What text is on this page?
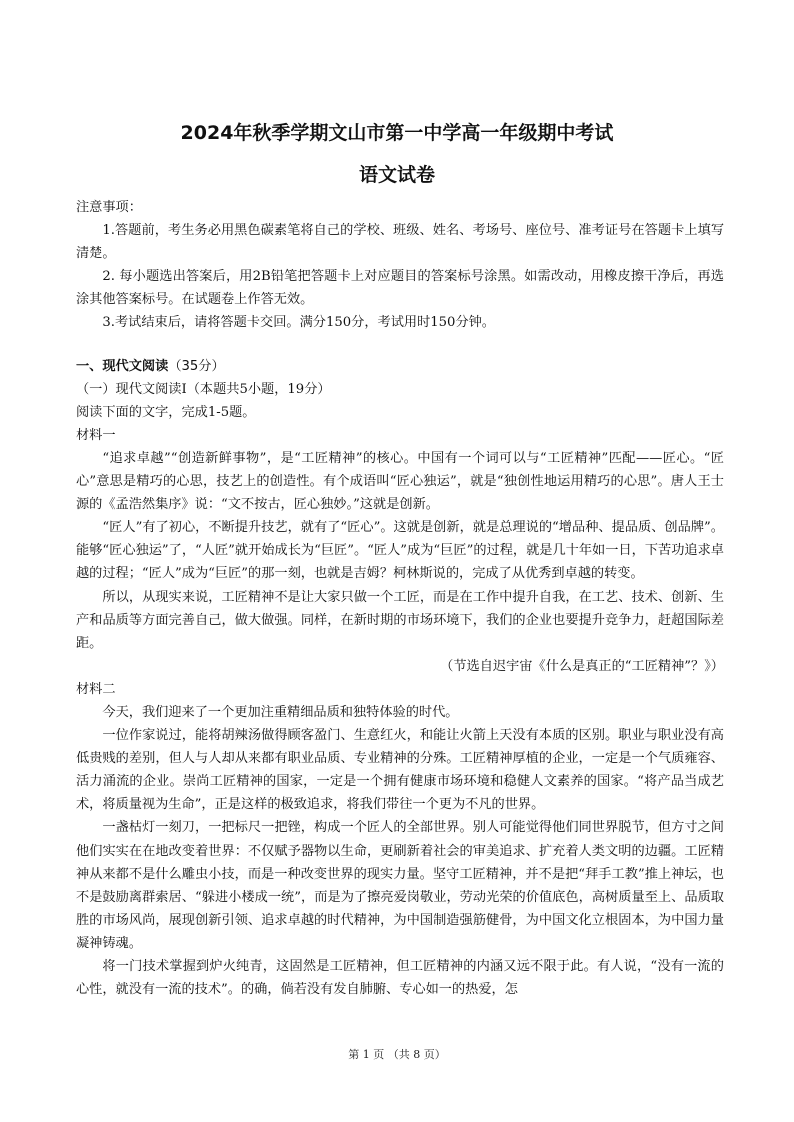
2024年秋季学期文山市第一中学高一年级期中考试
语文试卷

注意事项：

1.答题前，考生务必用黑色碳素笔将自己的学校、班级、姓名、考场号、座位号、准考证号在答题卡上填写清楚。

2. 每小题选出答案后，用2B铅笔把答题卡上对应题目的答案标号涂黑。如需改动，用橡皮擦干净后，再选涂其他答案标号。在试题卷上作答无效。

3.考试结束后，请将答题卡交回。满分150分，考试用时150分钟。

一、现代文阅读（35分）

（一）现代文阅读Ⅰ（本题共5小题，19分）

阅读下面的文字，完成1-5题。

材料一

“追求卓越”“创造新鲜事物”，是“工匠精神”的核心。中国有一个词可以与“工匠精神”匹配——匠心。“匠心”意思是精巧的心思，技艺上的创造性。有个成语叫“匠心独运”，就是“独创性地运用精巧的心思”。唐人王士源的《孟浩然集序》说：“文不按古，匠心独妙。”这就是创新。

“匠人”有了初心，不断提升技艺，就有了“匠心”。这就是创新，就是总理说的“增品种、提品质、创品牌”。能够“匠心独运”了，“人匠”就开始成长为“巨匠”。“匠人”成为“巨匠”的过程，就是几十年如一日，下苦功追求卓越的过程；“匠人”成为“巨匠”的那一刻，也就是吉姆？柯林斯说的，完成了从优秀到卓越的转变。

所以，从现实来说，工匠精神不是让大家只做一个工匠，而是在工作中提升自我，在工艺、技术、创新、生产和品质等方面完善自己，做大做强。同样，在新时期的市场环境下，我们的企业也要提升竞争力，赶超国际差距。

（节选自迟宇宙《什么是真正的“工匠精神”？》）

材料二

今天，我们迎来了一个更加注重精细品质和独特体验的时代。

一位作家说过，能将胡辣汤做得顾客盈门、生意红火，和能让火箭上天没有本质的区别。职业与职业没有高低贵贱的差别，但人与人却从来都有职业品质、专业精神的分殊。工匠精神厚植的企业，一定是一个气质雍容、活力涌流的企业。崇尚工匠精神的国家，一定是一个拥有健康市场环境和稳健人文素养的国家。“将产品当成艺术，将质量视为生命”，正是这样的极致追求，将我们带往一个更为不凡的世界。

一盏枯灯一刻刀，一把标尺一把锉，构成一个匠人的全部世界。别人可能觉得他们同世界脱节，但方寸之间他们实实在在地改变着世界：不仅赋予器物以生命，更刷新着社会的审美追求、扩充着人类文明的边疆。工匠精神从来都不是什么雕虫小技，而是一种改变世界的现实力量。坚守工匠精神，并不是把“拜手工教”推上神坛，也不是鼓励离群索居、“躲进小楼成一统”，而是为了擦亮爱岗敬业，劳动光荣的价值底色，高树质量至上、品质取胜的市场风尚，展现创新引领、追求卓越的时代精神，为中国制造强筋健骨，为中国文化立根固本，为中国力量凝神铸魂。

将一门技术掌握到炉火纯青，这固然是工匠精神，但工匠精神的内涵又远不限于此。有人说，“没有一流的心性，就没有一流的技术”。的确，倘若没有发自肺腑、专心如一的热爱，怎

第 1 页 （共 8 页）
